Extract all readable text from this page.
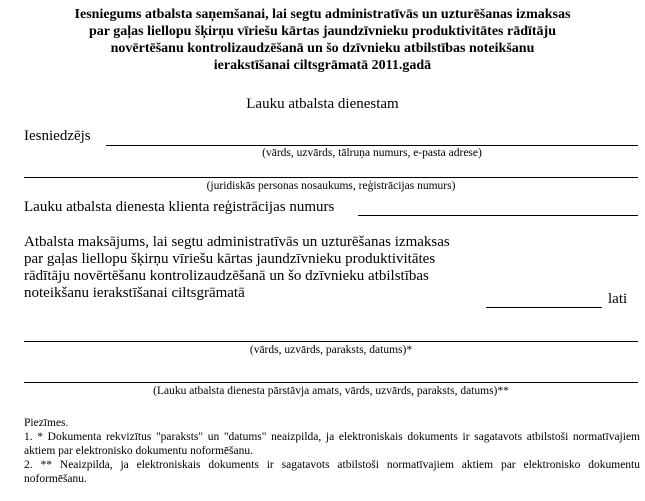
Iesniegums atbalsta saņemšanai, lai segtu administratīvās un uzturēšanas izmaksas
par gaļas liellopu šķirņu vīriešu kārtas jaundzīvnieku produktivitātes rādītāju
novērtēšanu kontrolizaudzēšanā un šo dzīvnieku atbilstības noteikšanu
ierakstīšanai ciltsgrāmatā 2011.gadā
Lauku atbalsta dienestam
Iesniedzējs
(vārds, uzvārds, tālruņa numurs, e-pasta adrese)
(juridiskās personas nosaukums, reģistrācijas numurs)
Lauku atbalsta dienesta klienta reģistrācijas numurs
Atbalsta maksājums, lai segtu administratīvās un uzturēšanas izmaksas
par gaļas liellopu šķirņu vīriešu kārtas jaundzīvnieku produktivitātes
rādītāju novērtēšanu kontrolizaudzēšanā un šo dzīvnieku atbilstības
noteikšanu ierakstīšanai ciltsgrāmatā	lati
(vārds, uzvārds, paraksts, datums)*
(Lauku atbalsta dienesta pārstāvja amats, vārds, uzvārds, paraksts, datums)**

Piezīmes.

1. * Dokumenta rekvizītus "paraksts" un "datums" neaizpilda, ja elektroniskais dokuments ir sagatavots atbilstoši normatīvajiem aktiem par elektronisko dokumentu noformēšanu.

2. ** Neaizpilda, ja elektroniskais dokuments ir sagatavots atbilstoši normatīvajiem aktiem par elektronisko dokumentu noformēšanu.
